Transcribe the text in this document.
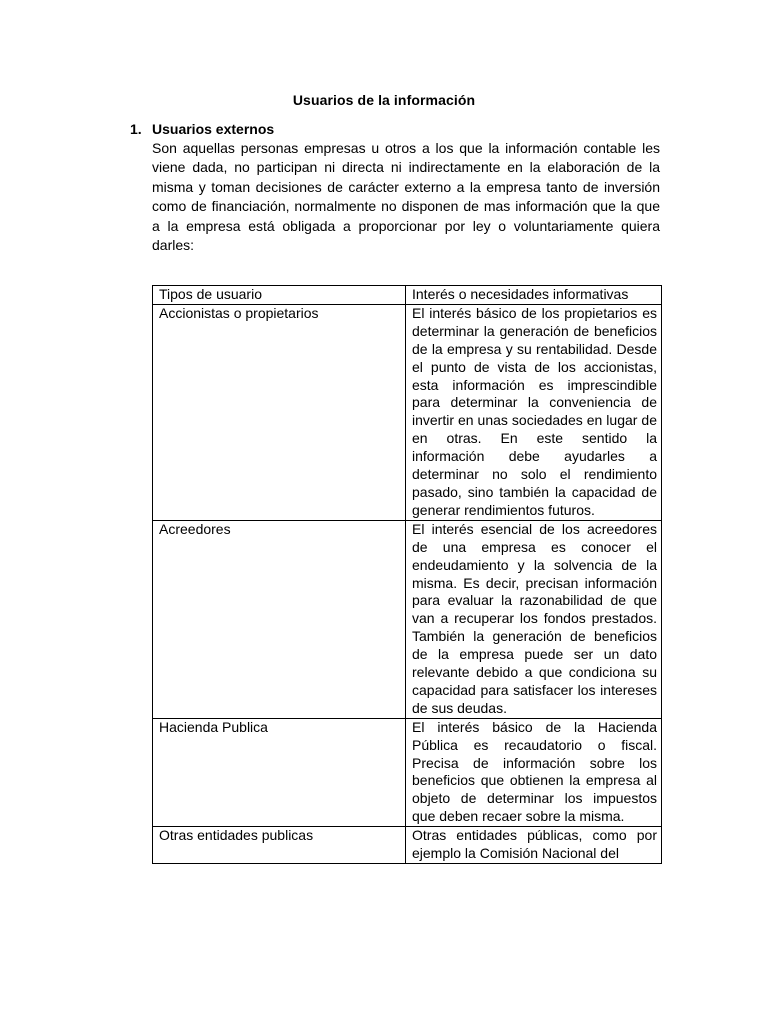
Usuarios de la información
1. Usuarios externos
Son aquellas personas empresas u otros a los que la información contable les viene dada, no participan ni directa ni indirectamente en la elaboración de la misma y toman decisiones de carácter externo a la empresa tanto de inversión como de financiación, normalmente no disponen de mas información que la que a la empresa está obligada a proporcionar por ley o voluntariamente quiera darles:
Tipos de usuario	Interés o necesidades informativas
Accionistas o propietarios	El interés básico de los propietarios es determinar la generación de beneficios de la empresa y su rentabilidad. Desde el punto de vista de los accionistas, esta información es imprescindible para determinar la conveniencia de invertir en unas sociedades en lugar de en otras. En este sentido la información debe ayudarles a determinar no solo el rendimiento pasado, sino también la capacidad de generar rendimientos futuros.
Acreedores	El interés esencial de los acreedores de una empresa es conocer el endeudamiento y la solvencia de la misma. Es decir, precisan información para evaluar la razonabilidad de que van a recuperar los fondos prestados. También la generación de beneficios de la empresa puede ser un dato relevante debido a que condiciona su capacidad para satisfacer los intereses de sus deudas.
Hacienda Publica	El interés básico de la Hacienda Pública es recaudatorio o fiscal. Precisa de información sobre los beneficios que obtienen la empresa al objeto de determinar los impuestos que deben recaer sobre la misma.
Otras entidades publicas	Otras entidades públicas, como por ejemplo la Comisión Nacional del
